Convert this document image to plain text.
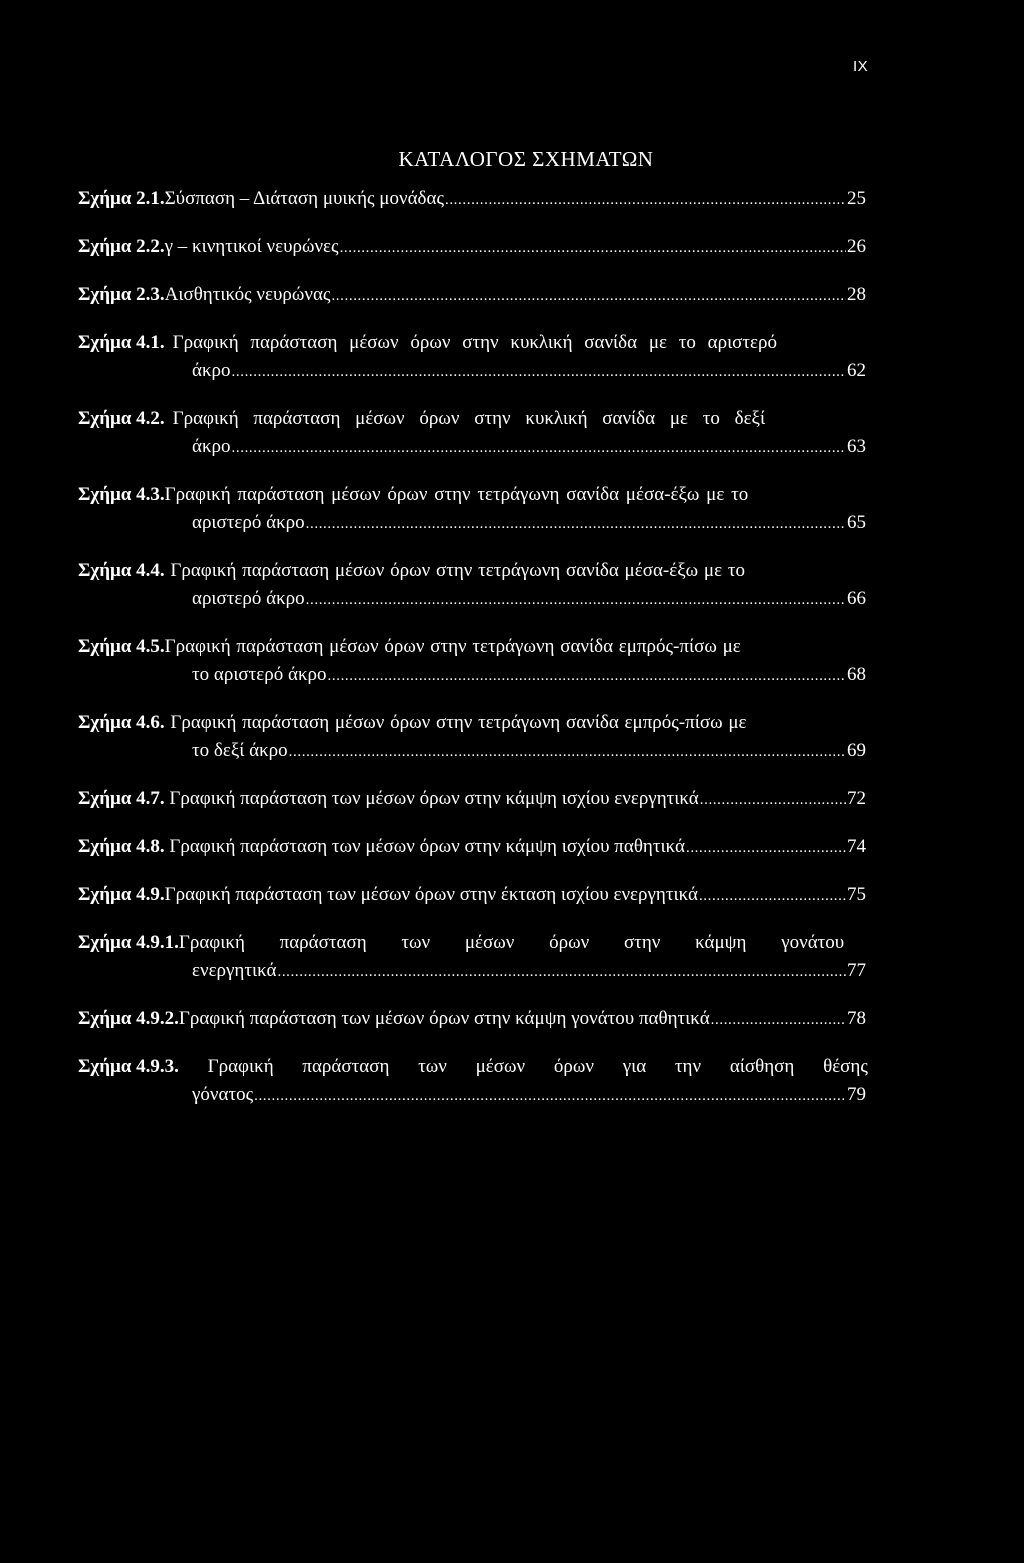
IX
ΚΑΤΑΛΟΓΟΣ ΣΧΗΜΑΤΩΝ
Σχήμα 2.1. Σύσπαση – Διάταση μυικής μονάδας .....	25
Σχήμα 2.2. γ – κινητικοί νευρώνες .....	26
Σχήμα 2.3. Αισθητικός νευρώνας .....	28
Σχήμα 4.1. Γραφική παράσταση μέσων όρων στην κυκλική σανίδα με το αριστερό
άκρο .....	62
Σχήμα 4.2. Γραφική παράσταση μέσων όρων στην κυκλική σανίδα με το δεξί
άκρο .....	63
Σχήμα 4.3. Γραφική παράσταση μέσων όρων στην τετράγωνη σανίδα μέσα-έξω με το
αριστερό άκρο .....	65
Σχήμα 4.4. Γραφική παράσταση μέσων όρων στην τετράγωνη σανίδα μέσα-έξω με το
αριστερό άκρο .....	66
Σχήμα 4.5. Γραφική παράσταση μέσων όρων στην τετράγωνη σανίδα εμπρός-πίσω με
το αριστερό άκρο .....	68
Σχήμα 4.6. Γραφική παράσταση μέσων όρων στην τετράγωνη σανίδα εμπρός-πίσω με
το δεξί άκρο .....	69
Σχήμα 4.7. Γραφική παράσταση των μέσων όρων στην κάμψη ισχίου ενεργητικά .....	72
Σχήμα 4.8. Γραφική παράσταση των μέσων όρων στην κάμψη ισχίου παθητικά .....	74
Σχήμα 4.9. Γραφική παράσταση των μέσων όρων στην έκταση ισχίου ενεργητικά .....	75
Σχήμα 4.9.1. Γραφική παράσταση των μέσων όρων στην κάμψη γονάτου
ενεργητικά .....	77
Σχήμα 4.9.2. Γραφική παράσταση των μέσων όρων στην κάμψη γονάτου παθητικά .....	78
Σχήμα 4.9.3. Γραφική παράσταση των μέσων όρων για την αίσθηση θέσης
γόνατος .....	79
